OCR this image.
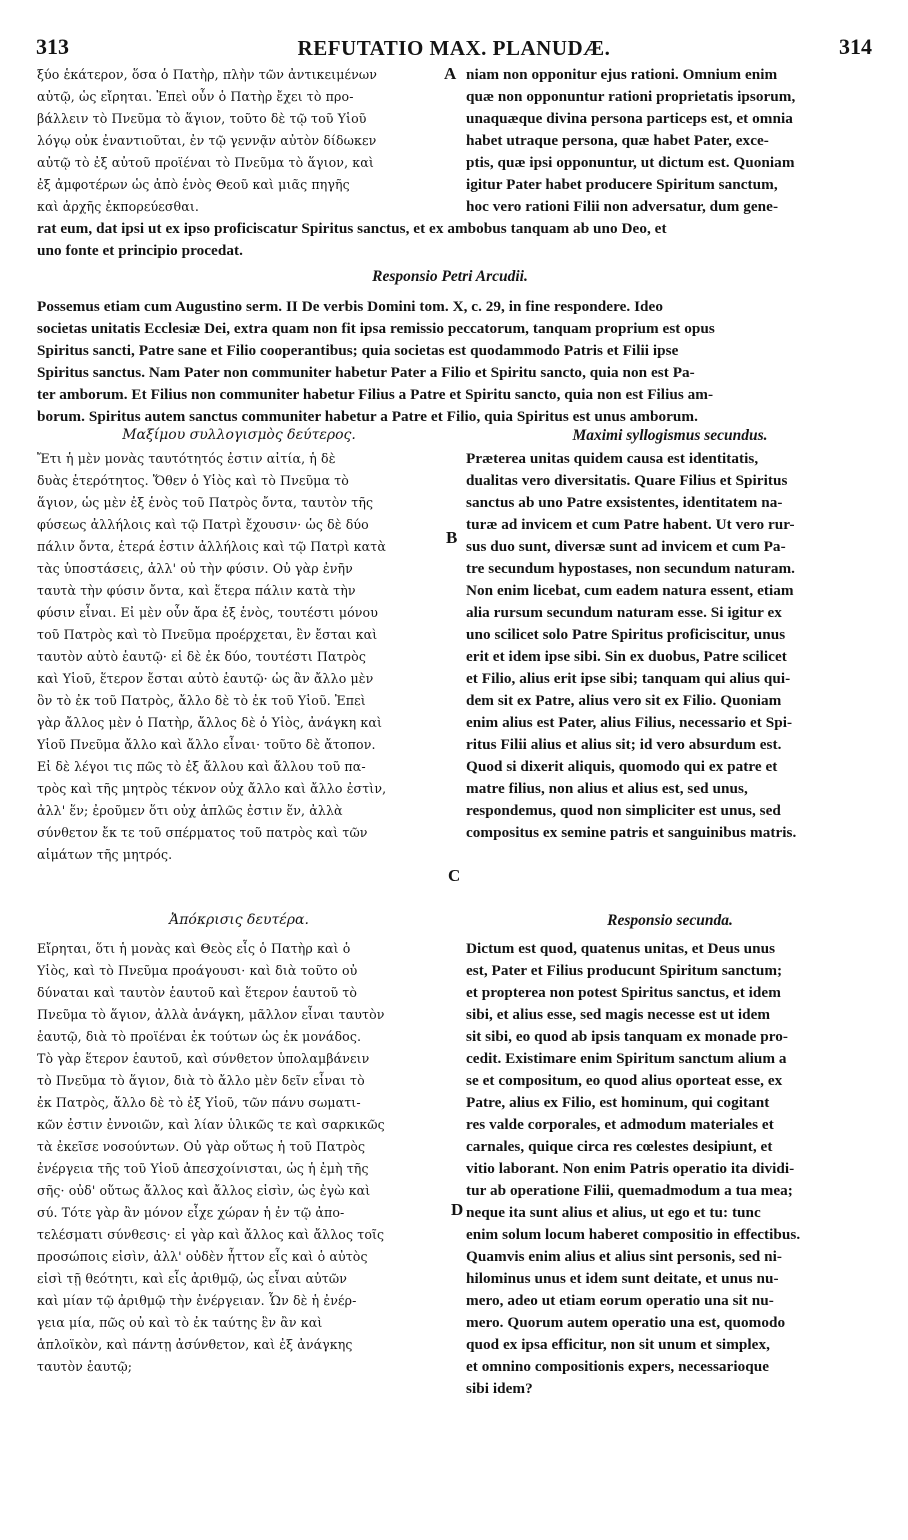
313	REFUTATIO MAX. PLANUDÆ.	314
ξύο ἑκάτερον, ὅσα ὁ Πατὴρ, πλὴν τῶν ἀντικειμένων
αὐτῷ, ὡς εἴρηται. Ἐπεὶ οὖν ὁ Πατὴρ ἔχει τὸ προ-
βάλλειν τὸ Πνεῦμα τὸ ἅγιον, τοῦτο δὲ τῷ τοῦ Υἱοῦ
λόγῳ οὐκ ἐναντιοῦται, ἐν τῷ γεννᾷν αὐτὸν δίδωκεν
αὐτῷ τὸ ἐξ αὐτοῦ προϊέναι τὸ Πνεῦμα τὸ ἅγιον, καὶ
ἐξ ἀμφοτέρων ὡς ἀπὸ ἑνὸς Θεοῦ καὶ μιᾶς πηγῆς
καὶ ἀρχῆς ἐκπορεύεσθαι.
A niam non opponitur ejus rationi. Omnium enim
quæ non opponuntur rationi proprietatis ipsorum,
unaquæque divina persona particeps est, et omnia
habet utraque persona, quæ habet Pater, exce-
ptis, quæ ipsi opponuntur, ut dictum est. Quoniam
igitur Pater habet producere Spiritum sanctum,
hoc vero rationi Filii non adversatur, dum gene-
rat eum, dat ipsi ut ex ipso proficiscatur Spiritus sanctus, et ex ambobus tanquam ab uno Deo, et
uno fonte et principio procedat.
Responsio Petri Arcudii.
Possemus etiam cum Augustino serm. II De verbis Domini tom. X, c. 29, in fine respondere. Ideo
societas unitatis Ecclesiæ Dei, extra quam non fit ipsa remissio peccatorum, tanquam proprium est opus
Spiritus sancti, Patre sane et Filio cooperantibus; quia societas est quodammodo Patris et Filii ipse
Spiritus sanctus. Nam Pater non communiter habetur Pater a Filio et Spiritu sancto, quia non est Pa-
ter amborum. Et Filius non communiter habetur Filius a Patre et Spiritu sancto, quia non est Filius am-
borum. Spiritus autem sanctus communiter habetur a Patre et Filio, quia Spiritus est unus amborum.
Μαξίμου συλλογισμὸς δεύτερος.	Maximi syllogismus secundus.
Ἔτι ἡ μὲν μονὰς ταυτότητός ἐστιν αἰτία, ἡ δὲ
δυὰς ἑτερότητος. Ὅθεν ὁ Υἱὸς καὶ τὸ Πνεῦμα τὸ
ἅγιον, ὡς μὲν ἐξ ἑνὸς τοῦ Πατρὸς ὄντα, ταυτὸν τῆς
φύσεως ἀλλήλοις καὶ τῷ Πατρὶ ἔχουσιν· ὡς δὲ δύο
πάλιν ὄντα, ἑτερά ἐστιν ἀλλήλοις καὶ τῷ Πατρὶ κατὰ
τὰς ὑποστάσεις, ἀλλ' οὐ τὴν φύσιν. Οὐ γὰρ ἐνῆν
ταυτὰ τὴν φύσιν ὄντα, καὶ ἕτερα πάλιν κατὰ τὴν
φύσιν εἶναι. Εἰ μὲν οὖν ἄρα ἐξ ἑνὸς, τουτέστι μόνου
τοῦ Πατρὸς καὶ τὸ Πνεῦμα προέρχεται, ἓν ἔσται καὶ
ταυτὸν αὐτὸ ἑαυτῷ· εἰ δὲ ἐκ δύο, τουτέστι Πατρὸς
καὶ Υἱοῦ, ἕτερον ἔσται αὐτὸ ἑαυτῷ· ὡς ἂν ἄλλο μὲν
ὂν τὸ ἐκ τοῦ Πατρὸς, ἄλλο δὲ τὸ ἐκ τοῦ Υἱοῦ. Ἐπεὶ
γὰρ ἄλλος μὲν ὁ Πατὴρ, ἄλλος δὲ ὁ Υἱὸς, ἀνάγκη καὶ
Υἱοῦ Πνεῦμα ἄλλο καὶ ἄλλο εἶναι· τοῦτο δὲ ἄτοπον.
Εἰ δὲ λέγοι τις πῶς τὸ ἐξ ἄλλου καὶ ἄλλου τοῦ πα-
τρὸς καὶ τῆς μητρὸς τέκνον οὐχ ἄλλο καὶ ἄλλο ἐστὶν,
ἀλλ' ἕν; ἐροῦμεν ὅτι οὐχ ἁπλῶς ἐστιν ἕν, ἀλλὰ
σύνθετον ἔκ τε τοῦ σπέρματος τοῦ πατρὸς καὶ τῶν
αἱμάτων τῆς μητρός.
B
Præterea unitas quidem causa est identitatis,
dualitas vero diversitatis. Quare Filius et Spiritus
sanctus ab uno Patre exsistentes, identitatem na-
turæ ad invicem et cum Patre habent. Ut vero rur-
sus duo sunt, diversæ sunt ad invicem et cum Pa-
tre secundum hypostases, non secundum naturam.
Non enim licebat, cum eadem natura essent, etiam
alia rursum secundum naturam esse. Si igitur ex
uno scilicet solo Patre Spiritus proficiscitur, unus
erit et idem ipse sibi. Sin ex duobus, Patre scilicet
et Filio, alius erit ipse sibi; tanquam qui alius qui-
dem sit ex Patre, alius vero sit ex Filio. Quoniam
enim alius est Pater, alius Filius, necessario et Spi-
ritus Filii alius et alius sit; id vero absurdum est.
Quod si dixerit aliquis, quomodo qui ex patre et
matre filius, non alius et alius est, sed unus,
respondemus, quod non simpliciter est unus, sed
compositus ex semine patris et sanguinibus matris.
C
Ἀπόκρισις δευτέρα.	Responsio secunda.
Εἴρηται, ὅτι ἡ μονὰς καὶ Θεὸς εἷς ὁ Πατὴρ καὶ ὁ
Υἱὸς, καὶ τὸ Πνεῦμα προάγουσι· καὶ διὰ τοῦτο οὐ
δύναται καὶ ταυτὸν ἑαυτοῦ καὶ ἕτερον ἑαυτοῦ τὸ
Πνεῦμα τὸ ἅγιον, ἀλλὰ ἀνάγκη, μᾶλλον εἶναι ταυτὸν
ἑαυτῷ, διὰ τὸ προϊέναι ἐκ τούτων ὡς ἐκ μονάδος.
Τὸ γὰρ ἕτερον ἑαυτοῦ, καὶ σύνθετον ὑπολαμβάνειν
τὸ Πνεῦμα τὸ ἅγιον, διὰ τὸ ἄλλο μὲν δεῖν εἶναι τὸ
ἐκ Πατρὸς, ἄλλο δὲ τὸ ἐξ Υἱοῦ, τῶν πάνυ σωματι-
κῶν ἐστιν ἐννοιῶν, καὶ λίαν ὑλικῶς τε καὶ σαρκικῶς
τὰ ἐκεῖσε νοσούντων. Οὐ γὰρ οὕτως ἡ τοῦ Πατρὸς
ἐνέργεια τῆς τοῦ Υἱοῦ ἀπεσχοίνισται, ὡς ἡ ἐμὴ τῆς
σῆς· οὐδ' οὕτως ἄλλος καὶ ἄλλος εἰσὶν, ὡς ἐγὼ καὶ
σύ. Τότε γὰρ ἂν μόνον εἶχε χώραν ἡ ἐν τῷ ἀπο-
τελέσματι σύνθεσις· εἰ γὰρ καὶ ἄλλος καὶ ἄλλος τοῖς
προσώποις εἰσὶν, ἀλλ' οὐδὲν ἧττον εἷς καὶ ὁ αὐτὸς
εἰσὶ τῇ θεότητι, καὶ εἷς ἀριθμῷ, ὡς εἶναι αὐτῶν
καὶ μίαν τῷ ἀριθμῷ τὴν ἐνέργειαν. Ὧν δὲ ἡ ἐνέρ-
γεια μία, πῶς οὐ καὶ τὸ ἐκ ταύτης ἓν ἂν καὶ
ἁπλοϊκὸν, καὶ πάντῃ ἀσύνθετον, καὶ ἐξ ἀνάγκης
ταυτὸν ἑαυτῷ;
D
Dictum est quod, quatenus unitas, et Deus unus
est, Pater et Filius producunt Spiritum sanctum;
et propterea non potest Spiritus sanctus, et idem
sibi, et alius esse, sed magis necesse est ut idem
sit sibi, eo quod ab ipsis tanquam ex monade pro-
cedit. Existimare enim Spiritum sanctum alium a
se et compositum, eo quod alius oporteat esse, ex
Patre, alius ex Filio, est hominum, qui cogitant
res valde corporales, et admodum materiales et
carnales, quique circa res cœlestes desipiunt, et
vitio laborant. Non enim Patris operatio ita dividi-
tur ab operatione Filii, quemadmodum a tua mea;
neque ita sunt alius et alius, ut ego et tu: tunc
enim solum locum haberet compositio in effectibus.
Quamvis enim alius et alius sint personis, sed ni-
hilominus unus et idem sunt deitate, et unus nu-
mero, adeo ut etiam eorum operatio una sit nu-
mero. Quorum autem operatio una est, quomodo
quod ex ipsa efficitur, non sit unum et simplex,
et omnino compositionis expers, necessarioque
sibi idem?
